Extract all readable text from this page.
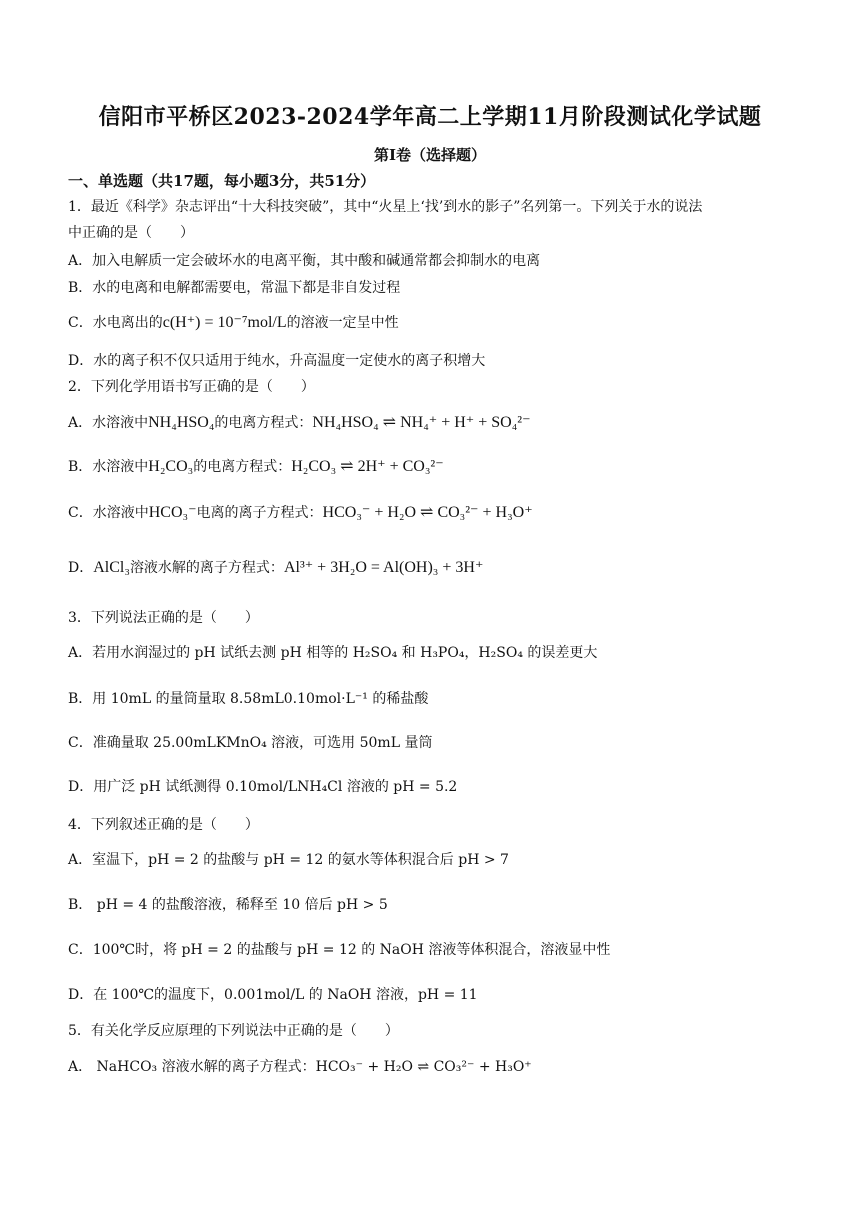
信阳市平桥区2023-2024学年高二上学期11月阶段测试化学试题
第Ⅰ卷（选择题）
一、单选题（共17题，每小题3分，共51分）
1．最近《科学》杂志评出“十大科技突破”，其中“火星上‘找’到水的影子”名列第一。下列关于水的说法
中正确的是（　　）
A．加入电解质一定会破坏水的电离平衡，其中酸和碱通常都会抑制水的电离
B．水的电离和电解都需要电，常温下都是非自发过程
C．水电离出的c(H⁺) = 10⁻⁷mol/L的溶液一定呈中性
D．水的离子积不仅只适用于纯水，升高温度一定使水的离子积增大
2．下列化学用语书写正确的是（　　）
A．水溶液中NH₄HSO₄的电离方程式：NH₄HSO₄ ⇌ NH₄⁺ + H⁺ + SO₄²⁻
B．水溶液中H₂CO₃的电离方程式：H₂CO₃ ⇌ 2H⁺ + CO₃²⁻
C．水溶液中HCO₃⁻电离的离子方程式：HCO₃⁻ + H₂O ⇌ CO₃²⁻ + H₃O⁺
D．AlCl₃溶液水解的离子方程式：Al³⁺ + 3H₂O = Al(OH)₃ + 3H⁺
3．下列说法正确的是（　　）
A．若用水润湿过的 pH 试纸去测 pH 相等的 H₂SO₄ 和 H₃PO₄，H₂SO₄ 的误差更大
B．用 10mL 的量筒量取 8.58mL0.10mol·L⁻¹ 的稀盐酸
C．准确量取 25.00mLKMnO₄ 溶液，可选用 50mL 量筒
D．用广泛 pH 试纸测得 0.10mol/LNH₄Cl 溶液的 pH = 5.2
4．下列叙述正确的是（　　）
A．室温下，pH = 2 的盐酸与 pH = 12 的氨水等体积混合后 pH > 7
B． pH = 4 的盐酸溶液，稀释至 10 倍后 pH > 5
C．100℃时，将 pH = 2 的盐酸与 pH = 12 的 NaOH 溶液等体积混合，溶液显中性
D．在 100℃的温度下，0.001mol/L 的 NaOH 溶液，pH = 11
5．有关化学反应原理的下列说法中正确的是（　　）
A． NaHCO₃ 溶液水解的离子方程式：HCO₃⁻ + H₂O ⇌ CO₃²⁻ + H₃O⁺
